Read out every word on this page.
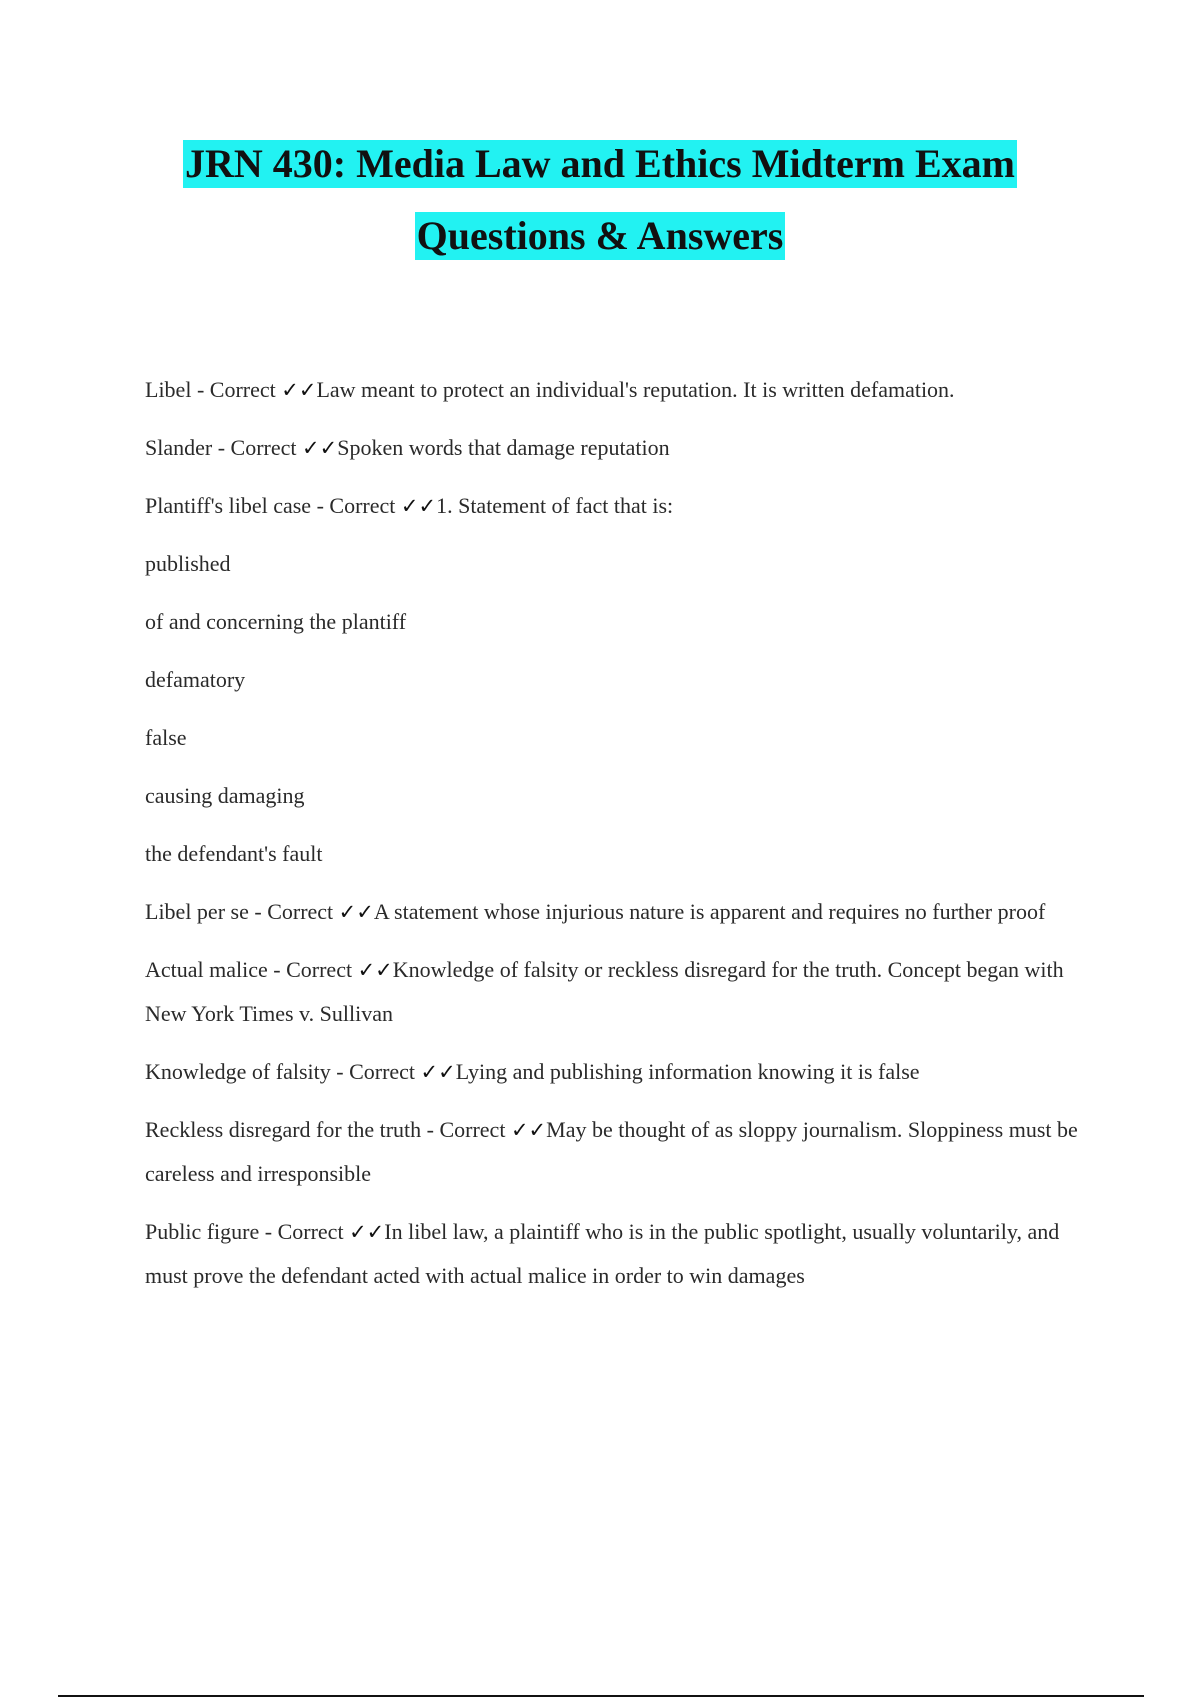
JRN 430: Media Law and Ethics Midterm Exam
Questions & Answers

Libel - Correct ✓✓Law meant to protect an individual's reputation. It is written defamation.

Slander - Correct ✓✓Spoken words that damage reputation

Plantiff's libel case - Correct ✓✓1. Statement of fact that is:

published

of and concerning the plantiff

defamatory

false

causing damaging

the defendant's fault

Libel per se - Correct ✓✓A statement whose injurious nature is apparent and requires no further proof

Actual malice - Correct ✓✓Knowledge of falsity or reckless disregard for the truth. Concept began with New York Times v. Sullivan

Knowledge of falsity - Correct ✓✓Lying and publishing information knowing it is false

Reckless disregard for the truth - Correct ✓✓May be thought of as sloppy journalism. Sloppiness must be careless and irresponsible

Public figure - Correct ✓✓In libel law, a plaintiff who is in the public spotlight, usually voluntarily, and must prove the defendant acted with actual malice in order to win damages
